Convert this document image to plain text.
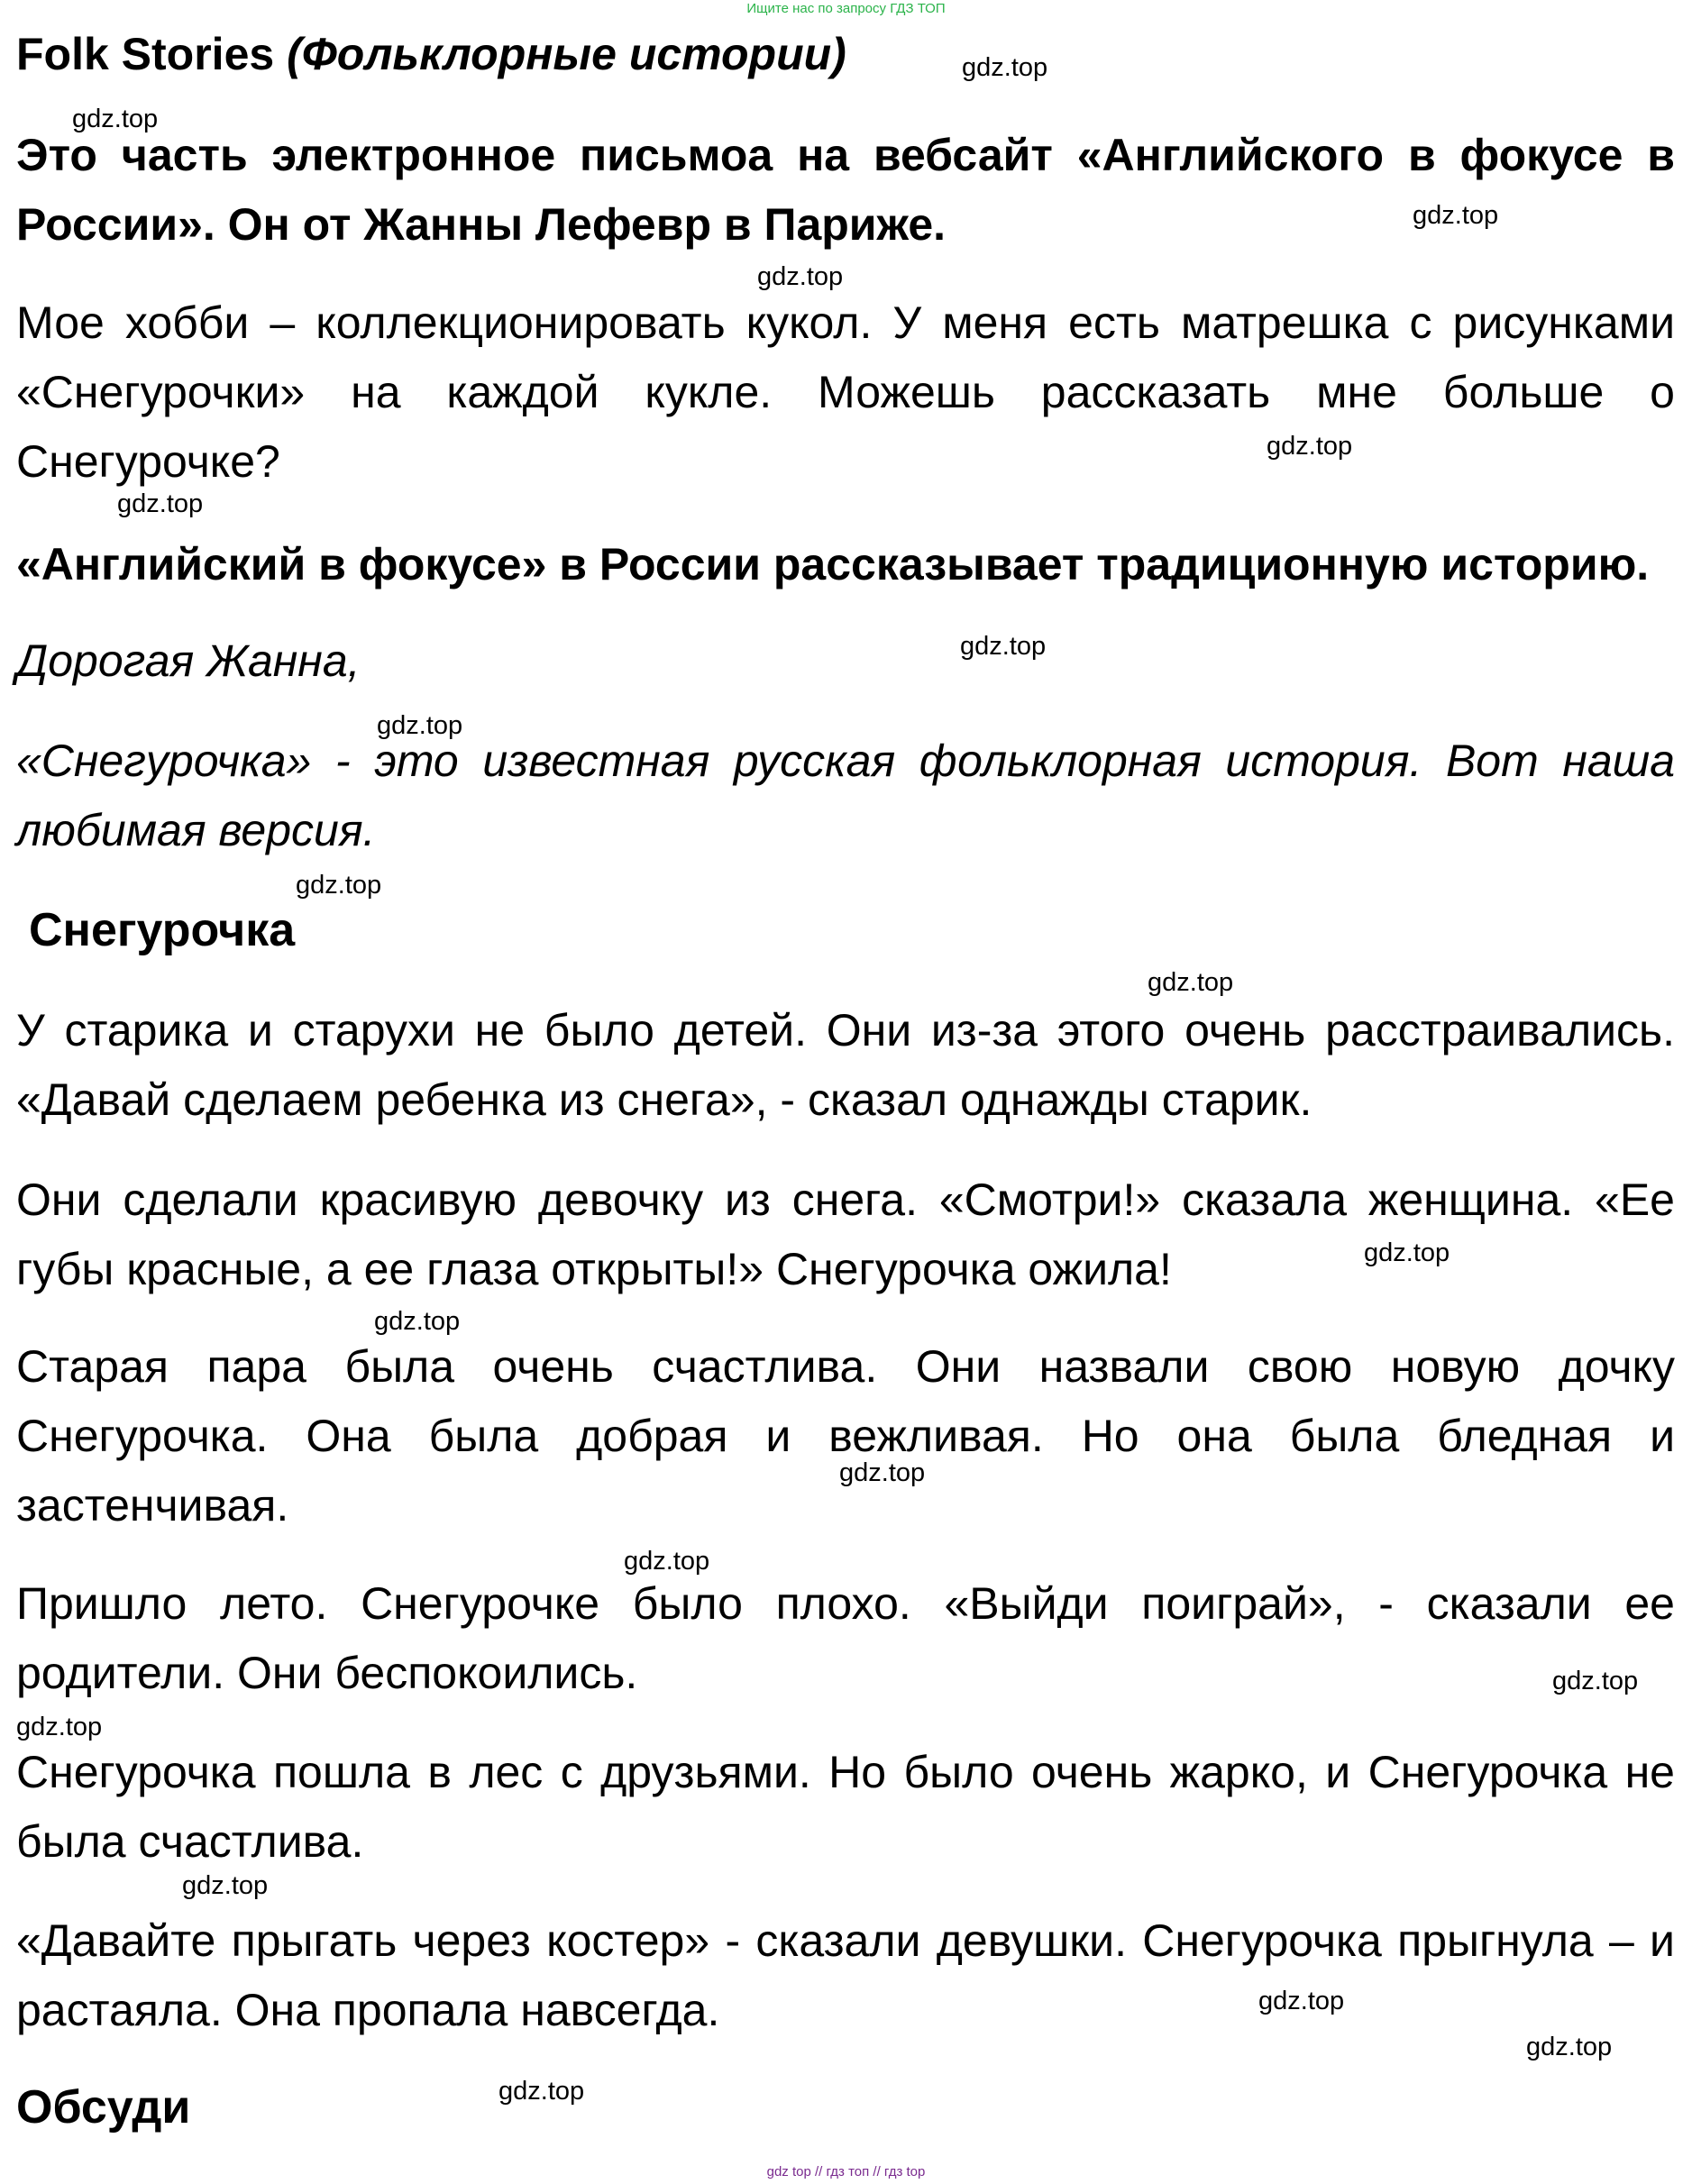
Ищите нас по запросу ГДЗ ТОП
Folk Stories (Фольклорные истории)
Это часть электронное письмоа на вебсайт «Английского в фокусе в России». Он от Жанны Лефевр в Париже.
Мое хобби – коллекционировать кукол. У меня есть матрешка с рисунками «Снегурочки» на каждой кукле. Можешь рассказать мне больше о Снегурочке?
«Английский в фокусе» в России рассказывает традиционную историю.
Дорогая Жанна,
«Снегурочка» - это известная русская фольклорная история. Вот наша любимая версия.
Снегурочка
У старика и старухи не было детей. Они из-за этого очень расстраивались. «Давай сделаем ребенка из снега», - сказал однажды старик.
Они сделали красивую девочку из снега. «Смотри!» сказала женщина. «Ее губы красные, а ее глаза открыты!» Снегурочка ожила!
Старая пара была очень счастлива. Они назвали свою новую дочку Снегурочка. Она была добрая и вежливая. Но она была бледная и застенчивая.
Пришло лето. Снегурочке было плохо. «Выйди поиграй», - сказали ее родители. Они беспокоились.
Снегурочка пошла в лес с друзьями. Но было очень жарко, и Снегурочка не была счастлива.
«Давайте прыгать через костер» - сказали девушки. Снегурочка прыгнула – и растаяла. Она пропала навсегда.
Обсуди
gdz.top
gdz.top
gdz.top
gdz.top
gdz.top
gdz.top
gdz.top
gdz.top
gdz.top
gdz.top
gdz.top
gdz.top
gdz.top
gdz.top
gdz.top
gdz.top
gdz.top
gdz.top
gdz.top
gdz.top
gdz top // гдз топ // гдз top
